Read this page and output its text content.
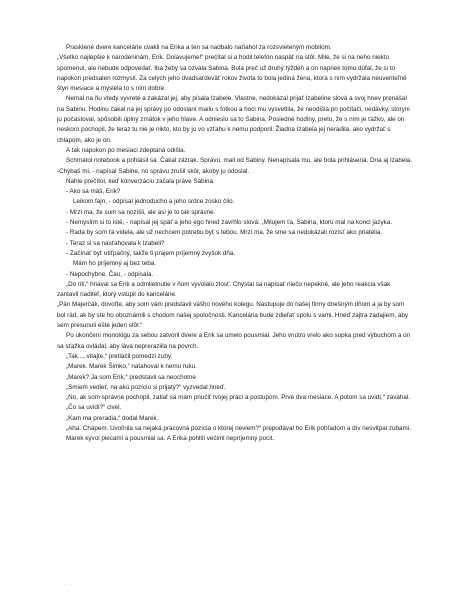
Prasklené dvere kancelárie cvakli na Erika a ten sa nadbalo naťiahol za rozsvieteným mobilom.

„Všetko najlepšie k narodeninám, Erik. Dolavujeme!“ prečítal si a hodil telefón naspäť na stôl. Mile, že si na neho niekto spomenul, ale nebude odpovedať. Iba žeby sa ozvala Sabina. Bola preč už druhý týždeň a on napriek tomu dúfal, že si to napokon predsalen rozmyslí. Za celých jeho dvadsaťdeväť rokov života to bola jediná žena, ktorá s ním vydržala neuveriteľné štyri mesiace a myslela to s ním dobre.

Nemal na ňu vtedy vyvreté a zakázal jej, aby písala Izabele. Vlastne, nedokázal prijať Izabeline slová a svoj hnev prenášal na Sabinu. Hodinu čakal na jej správy po odoslaní mailu s fotkou a hoci mu vysvetlila, že neodišla pri počítači, nedávky, storyni ju počastoval, spôsobili úplný zmätok v jeho hlave. A odnieslo sa to Sabina. Posledné hodiny, preto, že s ním je ťažko, ale on neskoro pochopil, že teraz tu nie je nikto, kto by ju vo vzťahu k nemu podporil. Žiadna Izabela jej neradila, ako vydržať s chlapom, ako je on.

A tak napokon po mesiaci zdeptaná odišla.

Schmatol notebook a prihlásil sa. Čakal zázrak. Správu, mail od Sabiny. Nenapísala mu, ale bola prihlásená. Dna aj Izabela.

-Chýbaš mi, - napísal Sabine, no správu zrušil skôr, akoby ju odoslal.

Nahle prečítol, keď konverzáciu začala práve Sabina.

- Ako sa máš, Erik?

Leikom fajn, - odpísal jednoducho a jeho srdce zosko čilo.

- Mrzí ma, že som sa nozišli, ale asi je to tak správne.

- Nemyslím si to isté, - napísal jej späť a jeho ego hned zavrhlo slová: „Milujem ťa, Sabina, ktorú mal na konci jazyka.

- Rada by som ťa videla, ale už nechcem potrebu byť s tebou. Mrzí ma, že sme sa nedokázali rozísť ako priatelia.

- Teraz si sa nasťahovala k Izabeli?

- Začínať byť utiťpačný, takže ti prajem príjemný zvyšok dňa.

Mám ho príjemný aj bez teba.

- Nepochybne. Čau, - odpísala.

„Do riti,“ hnaval sa Erik a odmlietnutie v ňom vyvolalo zlosť. Chystal sa napísať niečo nepekné, ale jeho reakcia však zantavil riaditeľ, ktorý vstúpil do kancelárie.

„Pán Majerčák, dovoľte, aby som vám predstavil vášho nového kolegu. Nastupuje do našej firmy dnešným dňom a ja by som bol rád, ak by ste ho oboznámili s chodom našej spoločnosti. Kancelária bude zdieľať spolu s vami. Hneď zajtra zadajiem, aby sem presunuli ešte jeden stôl.“

Po ukončení monológu za sebou zatvoril dvere a Erik sa umelo pousmial. Jeho vnútro vrelo ako sopka pred výbuchom a on sa sťažka ovládal, aby láva nepreraziila na povrch.

„Tak..., vitajte,“ pretlačil pomedzi zuby.

„Marek. Marek Šimko,“ natahoval k nemu ruku.

„Marek? Ja som Erik,“ predstavil sa neochotne

„Smiem vedieť, na akú pozíciu si prijatý?“ vyzvedal hneď.

„No, ak som správne pochopil, zatiaľ sa mám priučiť tvojej práci a postupom. Prvé dva mesiace. A potom sa uvidí,“ zaváhal.

„Čo sa uvidí?“ civel.

„Kam ma preradia,“ dodal Marek.

„Aha. Chápem. Uvoľnila sa nejaká pracovná pozícia o ktorej neviem?“ prepodával ho Erik pohľadom a dív nesvitpal zubami.

Marek kývol plecami a pousmial sa. A Erika pohltil večiml nepríjemný pocit.

· · ·
